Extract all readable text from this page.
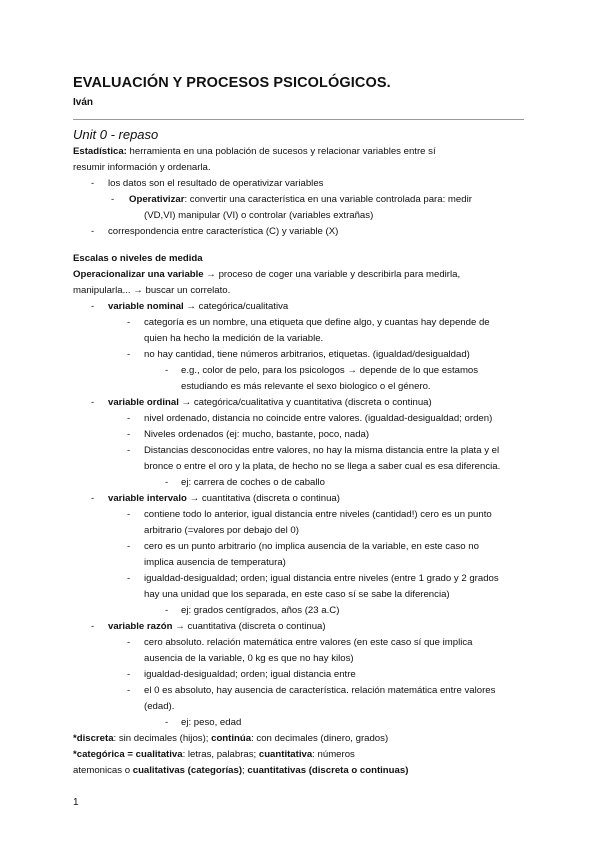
EVALUACIÓN Y PROCESOS PSICOLÓGICOS.
Iván
Unit 0 - repaso
Estadística: herramienta en una población de sucesos y relacionar variables entre sí
resumir información y ordenarla.
- los datos son el resultado de operativizar variables
- Operativizar: convertir una característica en una variable controlada para: medir
(VD,VI) manipular (VI) o controlar (variables extrañas)
- correspondencia entre característica (C) y variable (X)
Escalas o niveles de medida
Operacionalizar una variable → proceso de coger una variable y describirla para medirla,
manipularla... → buscar un correlato.
- variable nominal → categórica/cualitativa
- categoría es un nombre, una etiqueta que define algo, y cuantas hay depende de
quien ha hecho la medición de la variable.
- no hay cantidad, tiene números arbitrarios, etiquetas. (igualdad/desigualdad)
- e.g., color de pelo, para los psicologos → depende de lo que estamos
estudiando es más relevante el sexo biologico o el género.
- variable ordinal → categórica/cualitativa y cuantitativa (discreta o continua)
- nivel ordenado, distancia no coincide entre valores. (igualdad-desigualdad; orden)
- Niveles ordenados (ej: mucho, bastante, poco, nada)
- Distancias desconocidas entre valores, no hay la misma distancia entre la plata y el
bronce o entre el oro y la plata, de hecho no se llega a saber cual es esa diferencia.
- ej: carrera de coches o de caballo
- variable intervalo → cuantitativa (discreta o continua)
- contiene todo lo anterior, igual distancia entre niveles (cantidad!) cero es un punto
arbitrario (=valores por debajo del 0)
- cero es un punto arbitrario (no implica ausencia de la variable, en este caso no
implica ausencia de temperatura)
- igualdad-desigualdad; orden; igual distancia entre niveles (entre 1 grado y 2 grados
hay una unidad que los separada, en este caso sí se sabe la diferencia)
- ej: grados centígrados, años (23 a.C)
- variable razón → cuantitativa (discreta o continua)
- cero absoluto. relación matemática entre valores (en este caso sí que implica
ausencia de la variable, 0 kg es que no hay kilos)
- igualdad-desigualdad; orden; igual distancia entre
- el 0 es absoluto, hay ausencia de característica. relación matemática entre valores
(edad).
- ej: peso, edad
*discreta: sin decimales (hijos); continúa: con decimales (dinero, grados)
*categórica = cualitativa: letras, palabras; cuantitativa: números
atemonicas o cualitativas (categorías); cuantitativas (discreta o continuas)
1
